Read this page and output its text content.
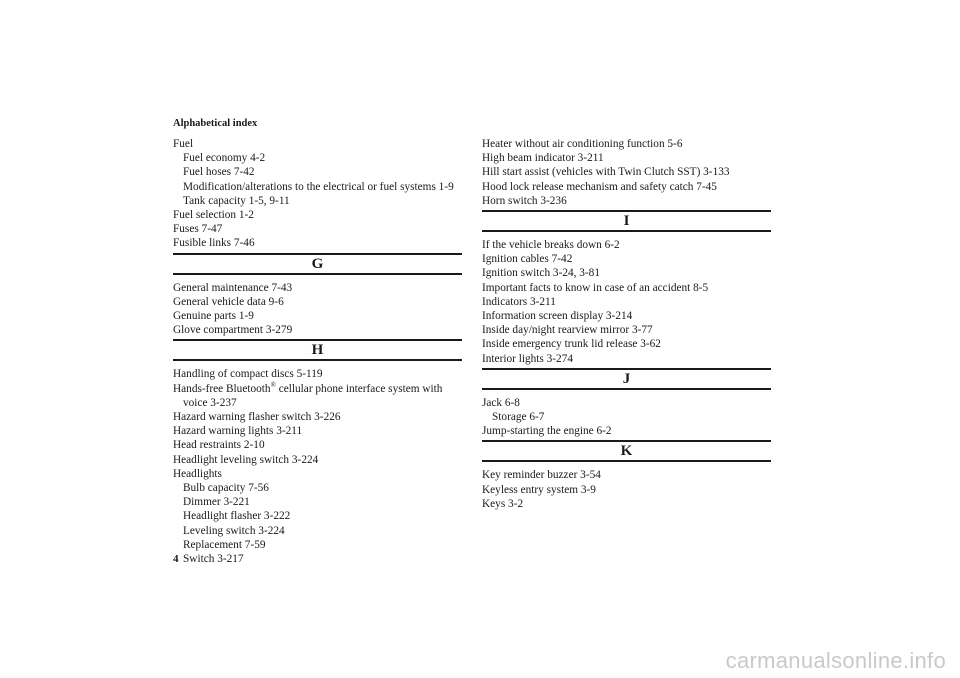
Alphabetical index
Fuel
Fuel economy 4-2
Fuel hoses 7-42
Modification/alterations to the electrical or fuel systems 1-9
Tank capacity 1-5, 9-11
Fuel selection 1-2
Fuses 7-47
Fusible links 7-46
G
General maintenance 7-43
General vehicle data 9-6
Genuine parts 1-9
Glove compartment 3-279
H
Handling of compact discs 5-119
Hands-free Bluetooth® cellular phone interface system with
voice 3-237
Hazard warning flasher switch 3-226
Hazard warning lights 3-211
Head restraints 2-10
Headlight leveling switch 3-224
Headlights
Bulb capacity 7-56
Dimmer 3-221
Headlight flasher 3-222
Leveling switch 3-224
Replacement 7-59
Switch 3-217
Heater without air conditioning function 5-6
High beam indicator 3-211
Hill start assist (vehicles with Twin Clutch SST) 3-133
Hood lock release mechanism and safety catch 7-45
Horn switch 3-236
I
If the vehicle breaks down 6-2
Ignition cables 7-42
Ignition switch 3-24, 3-81
Important facts to know in case of an accident 8-5
Indicators 3-211
Information screen display 3-214
Inside day/night rearview mirror 3-77
Inside emergency trunk lid release 3-62
Interior lights 3-274
J
Jack 6-8
Storage 6-7
Jump-starting the engine 6-2
K
Key reminder buzzer 3-54
Keyless entry system 3-9
Keys 3-2
4
carmanualsonline.info
